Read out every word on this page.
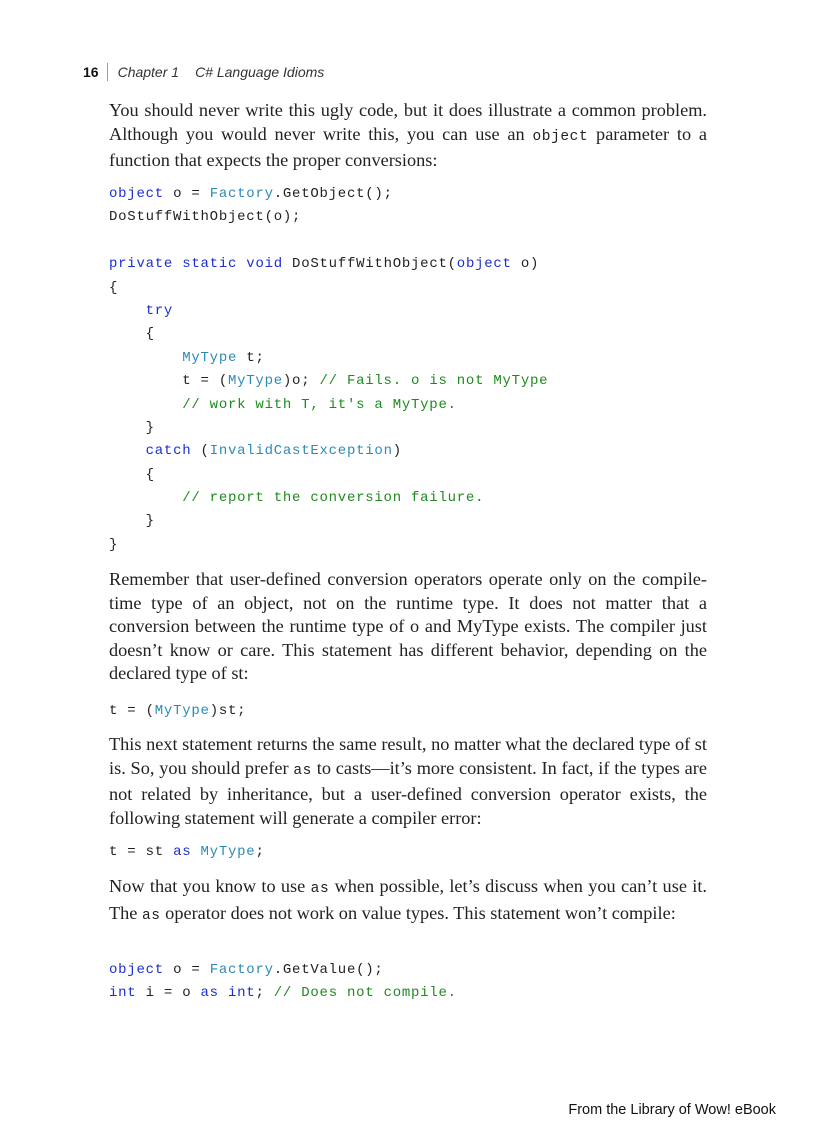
16 Chapter 1 C# Language Idioms

You should never write this ugly code, but it does illustrate a common problem. Although you would never write this, you can use an object parameter to a function that expects the proper conversions:

object o = Factory.GetObject();
DoStuffWithObject(o);
private static void DoStuffWithObject(object o)
{
try
{
MyType t;
t = (MyType)o; // Fails. o is not MyType
// work with T, it's a MyType.
}
catch (InvalidCastException)
{
// report the conversion failure.
}
}

Remember that user-defined conversion operators operate only on the compile-time type of an object, not on the runtime type. It does not matter that a conversion between the runtime type of o and MyType exists. The compiler just doesn’t know or care. This statement has different behavior, depending on the declared type of st:

t = (MyType)st;

This next statement returns the same result, no matter what the declared type of st is. So, you should prefer as to casts—it’s more consistent. In fact, if the types are not related by inheritance, but a user-defined conversion operator exists, the following statement will generate a compiler error:

t = st as MyType;

Now that you know to use as when possible, let’s discuss when you can’t use it. The as operator does not work on value types. This statement won’t compile:

object o = Factory.GetValue();
int i = o as int; // Does not compile.
From the Library of Wow! eBook
